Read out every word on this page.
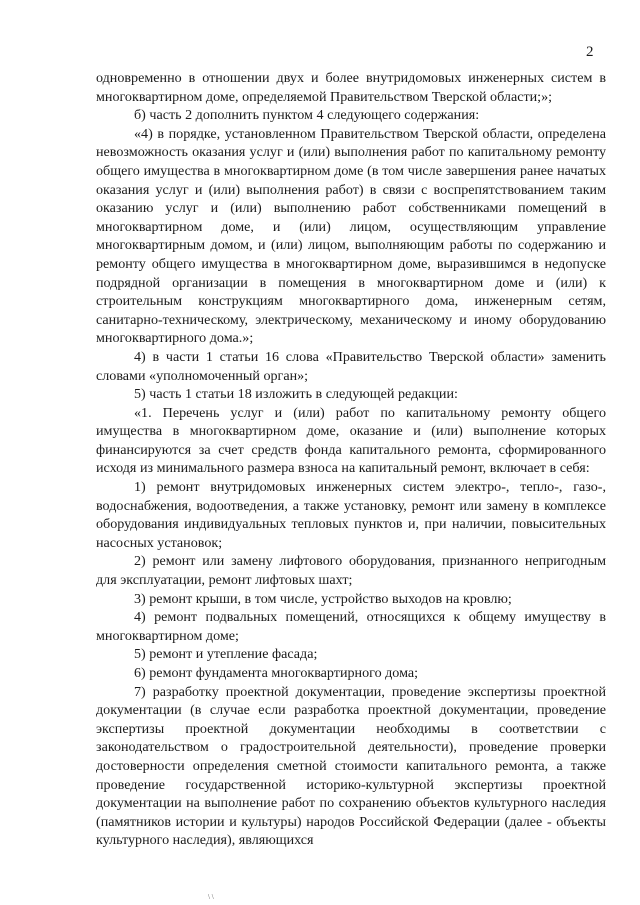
2

одновременно в отношении двух и более внутридомовых инженерных систем в многоквартирном доме, определяемой Правительством Тверской области;»;

б) часть 2 дополнить пунктом 4 следующего содержания:

«4) в порядке, установленном Правительством Тверской области, определена невозможность оказания услуг и (или) выполнения работ по капитальному ремонту общего имущества в многоквартирном доме (в том числе завершения ранее начатых оказания услуг и (или) выполнения работ) в связи с воспрепятствованием таким оказанию услуг и (или) выполнению работ собственниками помещений в многоквартирном доме, и (или) лицом, осуществляющим управление многоквартирным домом, и (или) лицом, выполняющим работы по содержанию и ремонту общего имущества в многоквартирном доме, выразившимся в недопуске подрядной организации в помещения в многоквартирном доме и (или) к строительным конструкциям многоквартирного дома, инженерным сетям, санитарно-техническому, электрическому, механическому и иному оборудованию многоквартирного дома.»;

4) в части 1 статьи 16 слова «Правительство Тверской области» заменить словами «уполномоченный орган»;

5) часть 1 статьи 18 изложить в следующей редакции:

«1. Перечень услуг и (или) работ по капитальному ремонту общего имущества в многоквартирном доме, оказание и (или) выполнение которых финансируются за счет средств фонда капитального ремонта, сформированного исходя из минимального размера взноса на капитальный ремонт, включает в себя:

1) ремонт внутридомовых инженерных систем электро-, тепло-, газо-, водоснабжения, водоотведения, а также установку, ремонт или замену в комплексе оборудования индивидуальных тепловых пунктов и, при наличии, повысительных насосных установок;

2) ремонт или замену лифтового оборудования, признанного непригодным для эксплуатации, ремонт лифтовых шахт;

3) ремонт крыши, в том числе, устройство выходов на кровлю;

4) ремонт подвальных помещений, относящихся к общему имуществу в многоквартирном доме;

5) ремонт и утепление фасада;

6) ремонт фундамента многоквартирного дома;

7) разработку проектной документации, проведение экспертизы проектной документации (в случае если разработка проектной документации, проведение экспертизы проектной документации необходимы в соответствии с законодательством о градостроительной деятельности), проведение проверки достоверности определения сметной стоимости капитального ремонта, а также проведение государственной историко-культурной экспертизы проектной документации на выполнение работ по сохранению объектов культурного наследия (памятников истории и культуры) народов Российской Федерации (далее - объекты культурного наследия), являющихся

\ \
